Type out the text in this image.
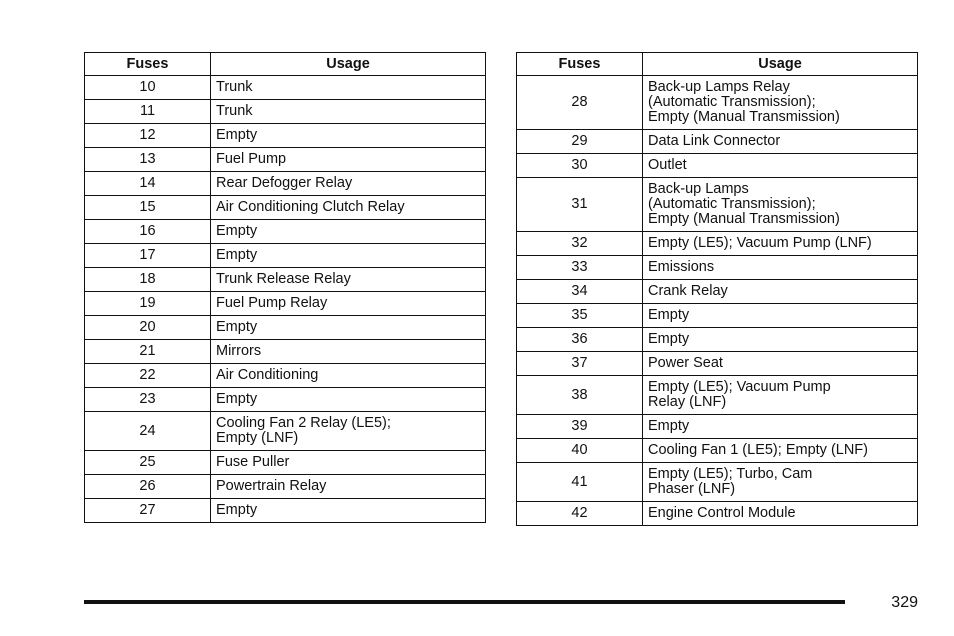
Fuses	Usage
10	Trunk
11	Trunk
12	Empty
13	Fuel Pump
14	Rear Defogger Relay
15	Air Conditioning Clutch Relay
16	Empty
17	Empty
18	Trunk Release Relay
19	Fuel Pump Relay
20	Empty
21	Mirrors
22	Air Conditioning
23	Empty
24	Cooling Fan 2 Relay (LE5);
Empty (LNF)
25	Fuse Puller
26	Powertrain Relay
27	Empty
Fuses	Usage
28	Back-up Lamps Relay
(Automatic Transmission);
Empty (Manual Transmission)
29	Data Link Connector
30	Outlet
31	Back-up Lamps
(Automatic Transmission);
Empty (Manual Transmission)
32	Empty (LE5); Vacuum Pump (LNF)
33	Emissions
34	Crank Relay
35	Empty
36	Empty
37	Power Seat
38	Empty (LE5); Vacuum Pump
Relay (LNF)
39	Empty
40	Cooling Fan 1 (LE5); Empty (LNF)
41	Empty (LE5); Turbo, Cam
Phaser (LNF)
42	Engine Control Module
329
